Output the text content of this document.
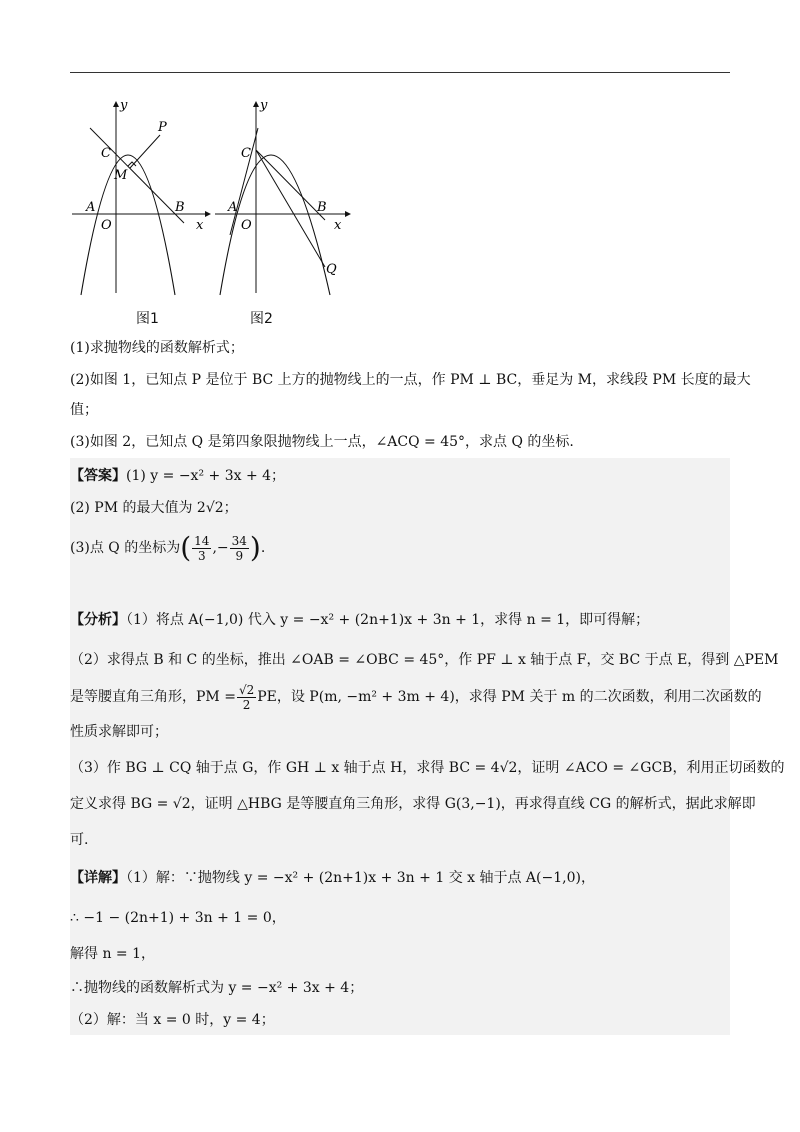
y
P
C
M
A	B
O	x
y
C
A	B
O	x
Q
图1	图2
(1)求抛物线的函数解析式；
(2)如图 1，已知点 P 是位于 BC 上方的抛物线上的一点，作 PM ⊥ BC，垂足为 M，求线段 PM 长度的最大
值；
(3)如图 2，已知点 Q 是第四象限抛物线上一点，∠ACQ = 45°，求点 Q 的坐标.
【答案】(1) y = −x² + 3x + 4；
(2) PM 的最大值为 2√2；
(3)点 Q 的坐标为( $\frac{14}{3}$ ,− $\frac{34}{9}$ ).
【分析】（1）将点 A(−1,0) 代入 y = −x² + (2n+1)x + 3n + 1，求得 n = 1，即可得解；
（2）求得点 B 和 C 的坐标，推出 ∠OAB = ∠OBC = 45°，作 PF ⊥ x 轴于点 F，交 BC 于点 E，得到 △PEM
是等腰直角三角形，PM = $\frac{√2}{2}$ PE，设 P(m, −m² + 3m + 4)，求得 PM 关于 m 的二次函数，利用二次函数的
性质求解即可；
（3）作 BG ⊥ CQ 轴于点 G，作 GH ⊥ x 轴于点 H，求得 BC = 4√2，证明 ∠ACO = ∠GCB，利用正切函数的
定义求得 BG = √2，证明 △HBG 是等腰直角三角形，求得 G(3,−1)，再求得直线 CG 的解析式，据此求解即
可.
【详解】（1）解：∵抛物线 y = −x² + (2n+1)x + 3n + 1 交 x 轴于点 A(−1,0)，
∴ −1 − (2n+1) + 3n + 1 = 0，
解得 n = 1，
∴抛物线的函数解析式为 y = −x² + 3x + 4；
（2）解：当 x = 0 时，y = 4；
